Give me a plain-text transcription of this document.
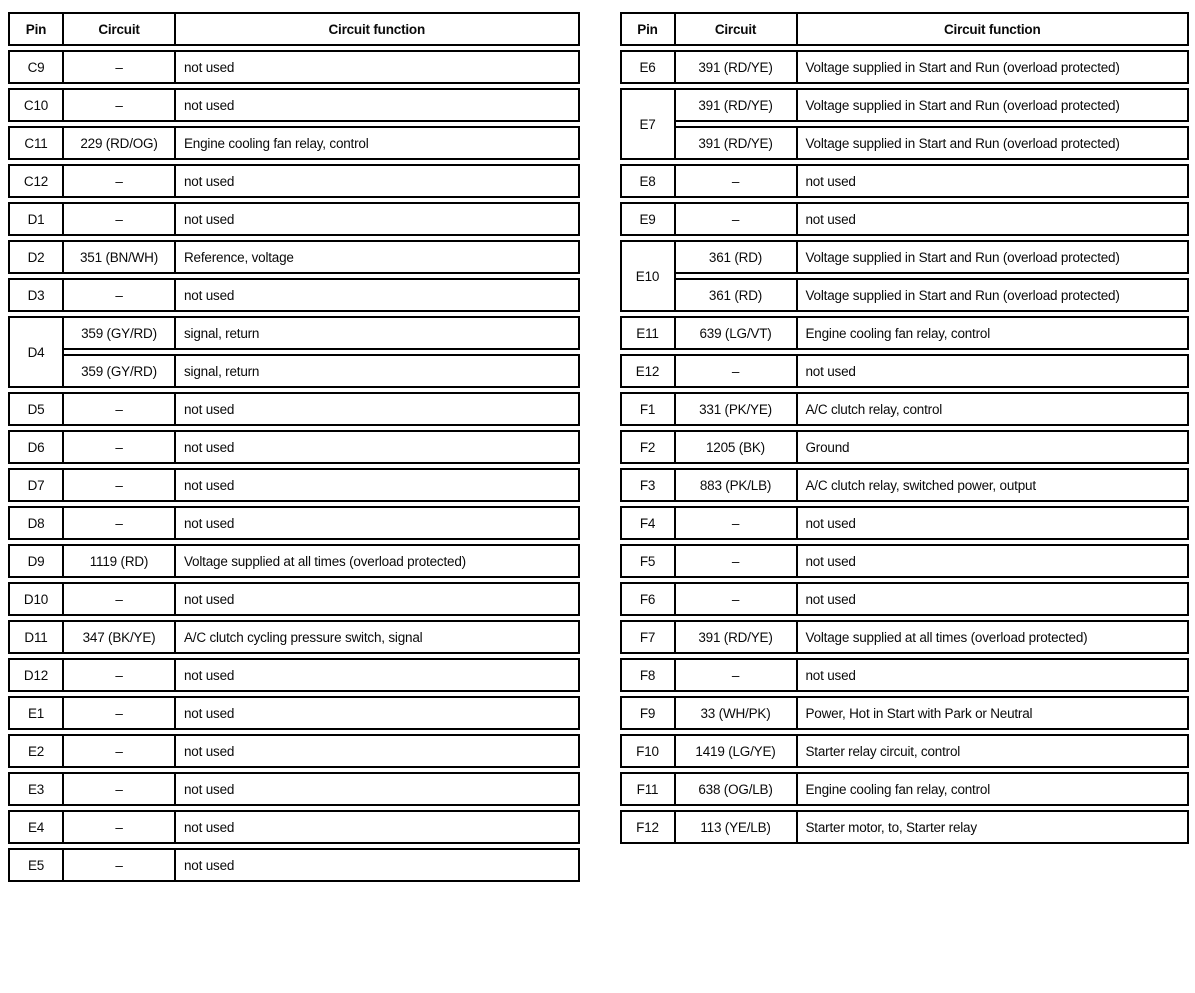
Pin	Circuit	Circuit function
C9	–	not used
C10	–	not used
C11	229 (RD/OG)	Engine cooling fan relay, control
C12	–	not used
D1	–	not used
D2	351 (BN/WH)	Reference, voltage
D3	–	not used
D4	359 (GY/RD)	signal, return
	359 (GY/RD)	signal, return
D5	–	not used
D6	–	not used
D7	–	not used
D8	–	not used
D9	1119 (RD)	Voltage supplied at all times (overload protected)
D10	–	not used
D11	347 (BK/YE)	A/C clutch cycling pressure switch, signal
D12	–	not used
E1	–	not used
E2	–	not used
E3	–	not used
E4	–	not used
E5	–	not used
Pin	Circuit	Circuit function
E6	391 (RD/YE)	Voltage supplied in Start and Run (overload protected)
E7	391 (RD/YE)	Voltage supplied in Start and Run (overload protected)
	391 (RD/YE)	Voltage supplied in Start and Run (overload protected)
E8	–	not used
E9	–	not used
E10	361 (RD)	Voltage supplied in Start and Run (overload protected)
	361 (RD)	Voltage supplied in Start and Run (overload protected)
E11	639 (LG/VT)	Engine cooling fan relay, control
E12	–	not used
F1	331 (PK/YE)	A/C clutch relay, control
F2	1205 (BK)	Ground
F3	883 (PK/LB)	A/C clutch relay, switched power, output
F4	–	not used
F5	–	not used
F6	–	not used
F7	391 (RD/YE)	Voltage supplied at all times (overload protected)
F8	–	not used
F9	33 (WH/PK)	Power, Hot in Start with Park or Neutral
F10	1419 (LG/YE)	Starter relay circuit, control
F11	638 (OG/LB)	Engine cooling fan relay, control
F12	113 (YE/LB)	Starter motor, to, Starter relay
